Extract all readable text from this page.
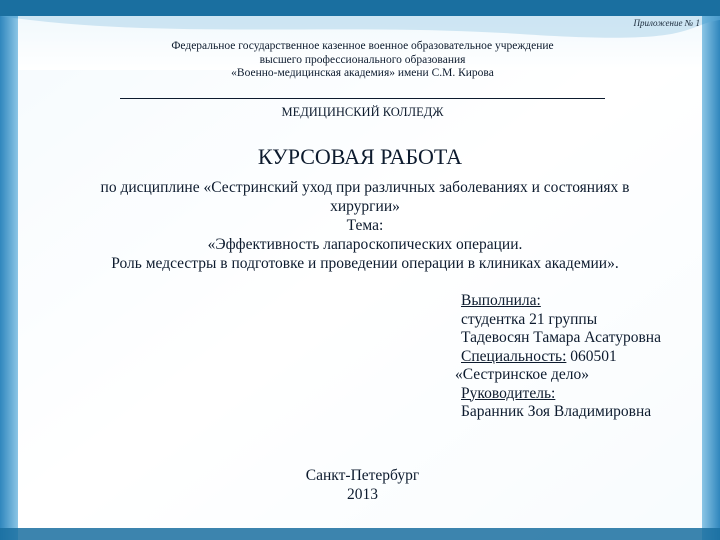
Приложение № 1
Федеральное государственное казенное военное образовательное учреждение
высшего профессионального образования
«Военно-медицинская академия» имени С.М. Кирова
МЕДИЦИНСКИЙ КОЛЛЕДЖ
КУРСОВАЯ РАБОТА
по дисциплине «Сестринский уход при различных заболеваниях и состояниях в
хирургии»
Тема:
«Эффективность лапароскопических операции.
Роль медсестры в подготовке и проведении операции в клиниках академии».
Выполнила:
студентка 21 группы
Тадевосян Тамара Асатуровна
Специальность: 060501
«Сестринское дело»
Руководитель:
Баранник Зоя Владимировна
Санкт-Петербург
2013
